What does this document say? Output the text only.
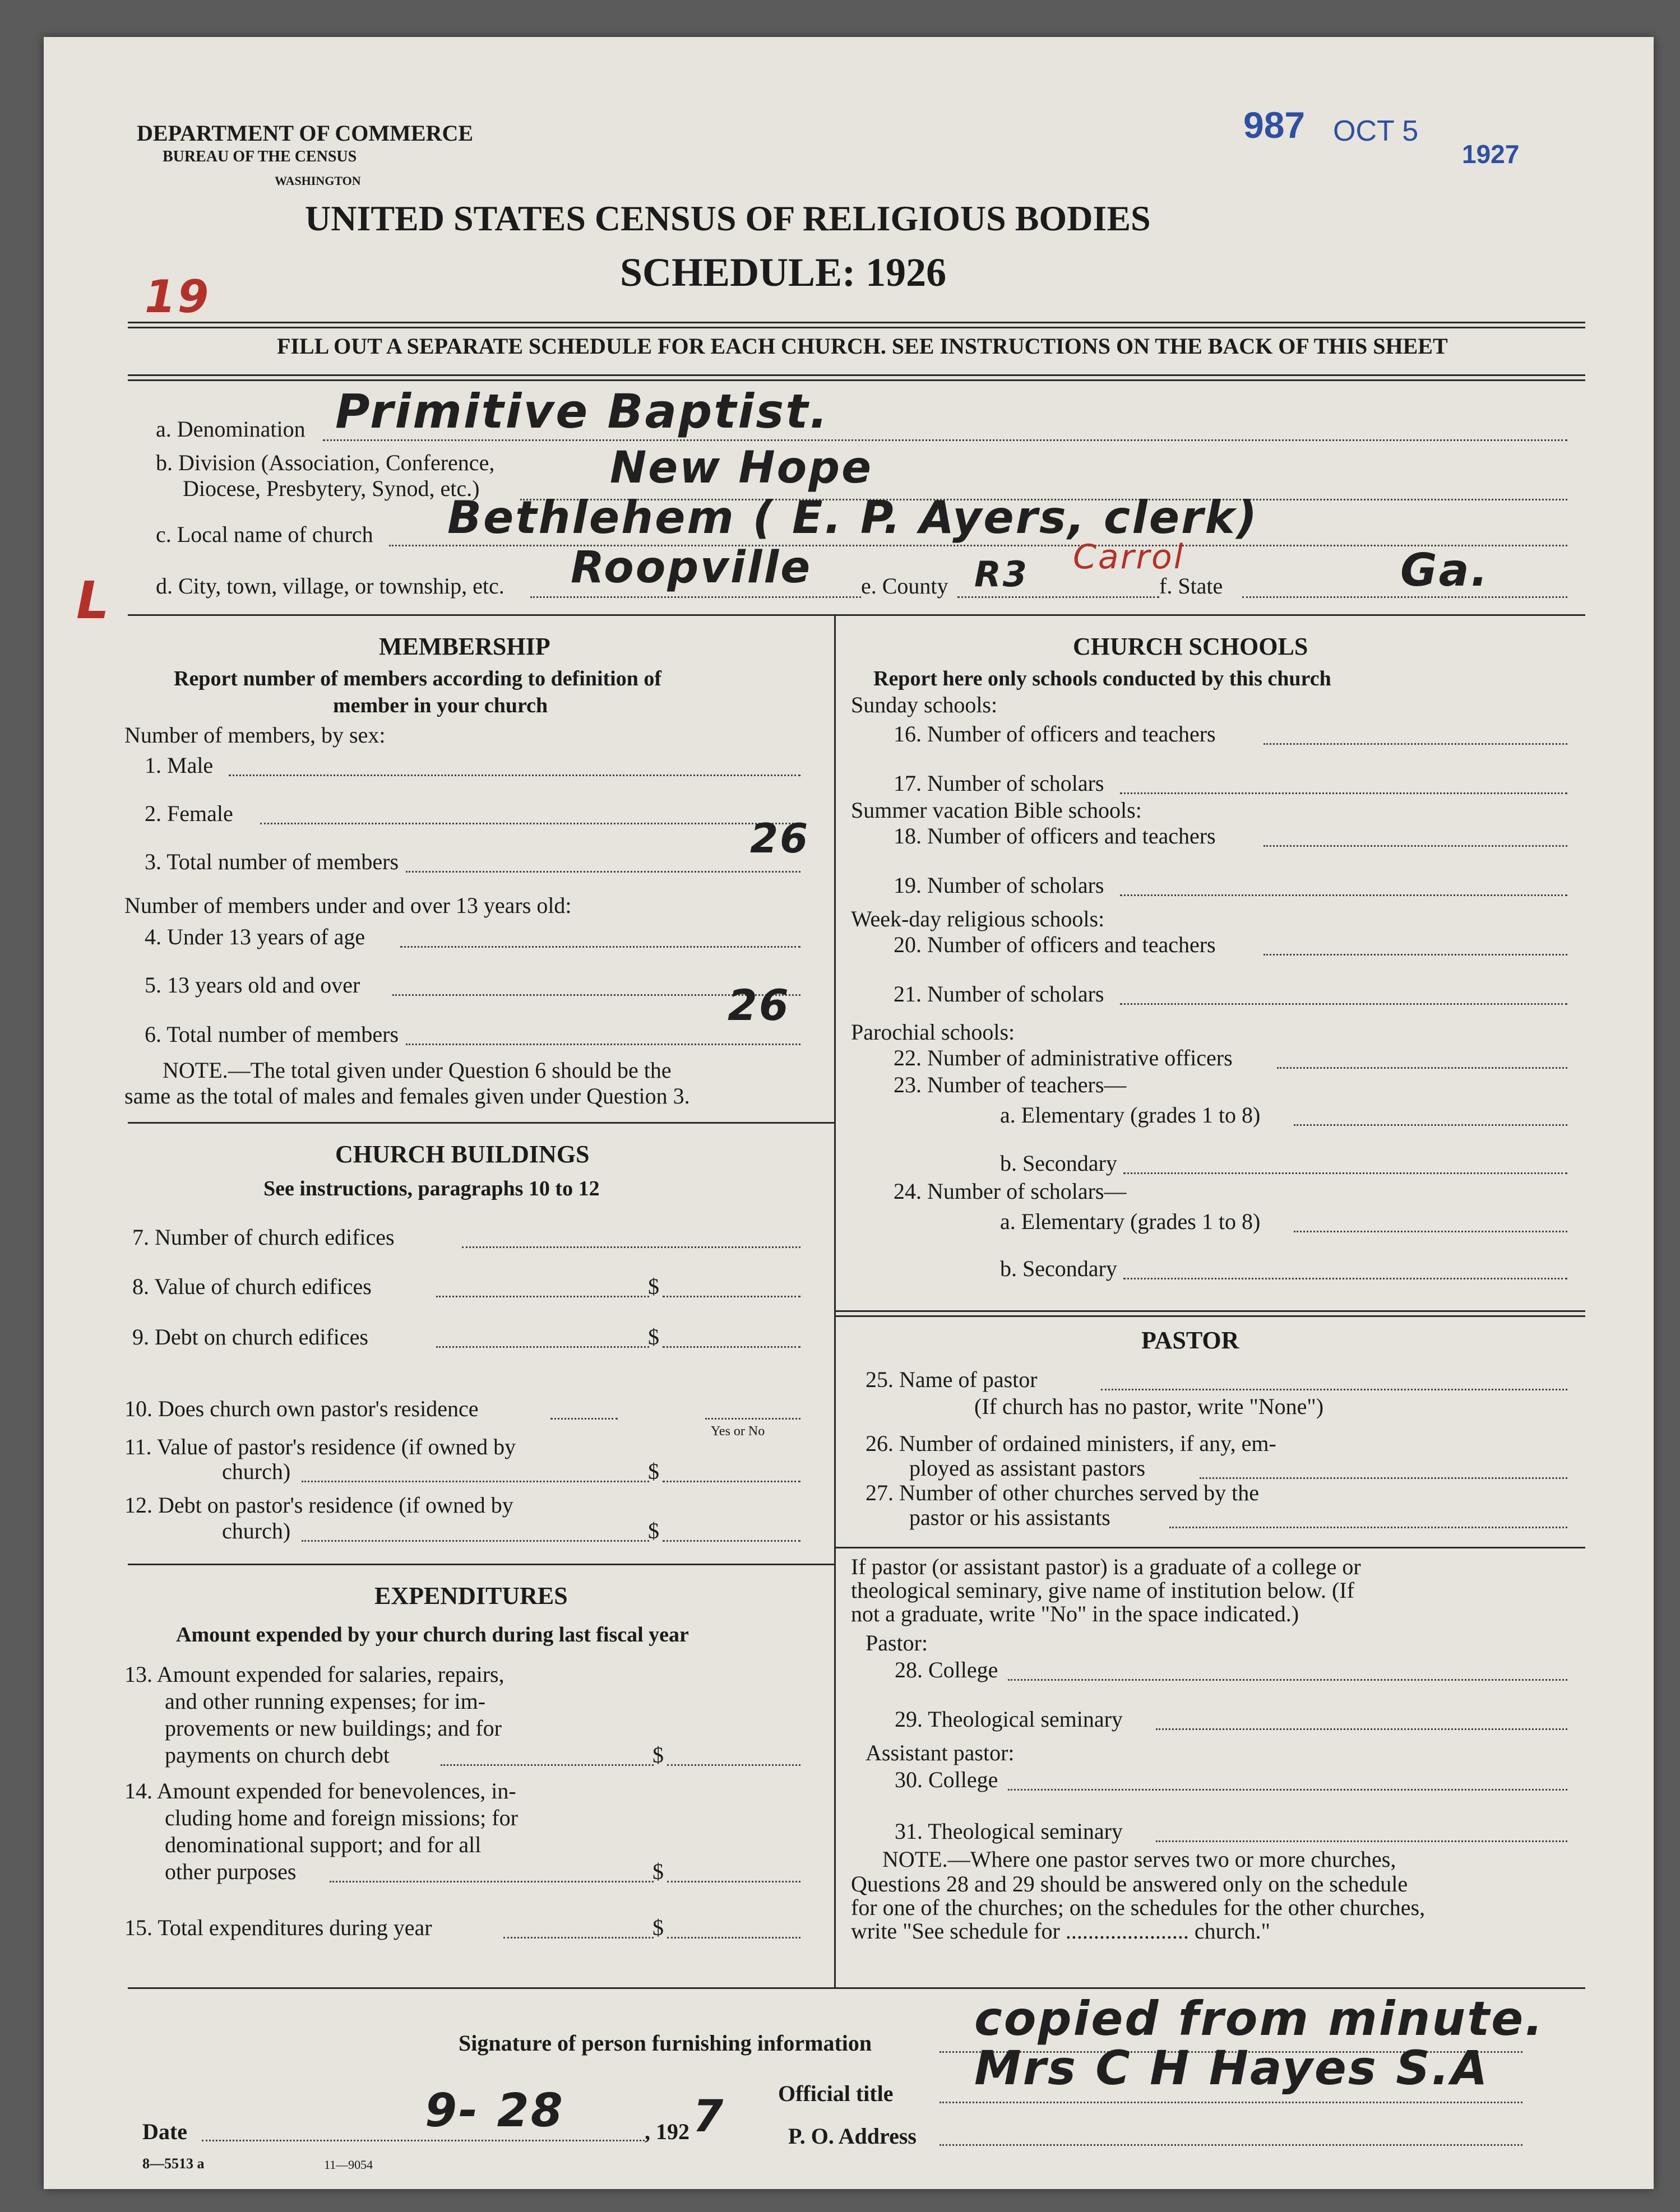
DEPARTMENT OF COMMERCE
BUREAU OF THE CENSUS
WASHINGTON
987 OCT 5
1927
UNITED STATES CENSUS OF RELIGIOUS BODIES
SCHEDULE: 1926
19
FILL OUT A SEPARATE SCHEDULE FOR EACH CHURCH. SEE INSTRUCTIONS ON THE BACK OF THIS SHEET
a. Denomination Primitive Baptist.
b. Division (Association, Conference,
Diocese, Presbytery, Synod, etc.)	New Hope
c. Local name of church Bethlehem ( E. P. Ayers, clerk)
L d. City, town, village, or township, etc. Roopville e. County R3 Carrol
f. State	Ga.
MEMBERSHIP
Report number of members according to definition of
member in your church
Number of members, by sex:
1. Male
2. Female
3. Total number of members	26
Number of members under and over 13 years old:
4. Under 13 years of age
5. 13 years old and over
6. Total number of members
26
NOTE.—The total given under Question 6 should be the
same as the total of males and females given under Question 3.
CHURCH BUILDINGS
See instructions, paragraphs 10 to 12
7. Number of church edifices
8. Value of church edifices	$
9. Debt on church edifices	$
10. Does church own pastor's residence
Yes or No
11. Value of pastor's residence (if owned by
church)	$
12. Debt on pastor's residence (if owned by
church)	$
EXPENDITURES
Amount expended by your church during last fiscal year
13. Amount expended for salaries, repairs,
and other running expenses; for im-
provements or new buildings; and for
payments on church debt	$
14. Amount expended for benevolences, in-
cluding home and foreign missions; for
denominational support; and for all
other purposes	$
15. Total expenditures during year	$
CHURCH SCHOOLS
Report here only schools conducted by this church
Sunday schools:
16. Number of officers and teachers
17. Number of scholars
Summer vacation Bible schools:
18. Number of officers and teachers
19. Number of scholars
Week-day religious schools:
20. Number of officers and teachers
21. Number of scholars
Parochial schools:
22. Number of administrative officers
23. Number of teachers—
a. Elementary (grades 1 to 8)
b. Secondary
24. Number of scholars—
a. Elementary (grades 1 to 8)
b. Secondary
PASTOR
25. Name of pastor
(If church has no pastor, write "None")
26. Number of ordained ministers, if any, em-
ployed as assistant pastors
27. Number of other churches served by the
pastor or his assistants
If pastor (or assistant pastor) is a graduate of a college or
theological seminary, give name of institution below. (If
not a graduate, write "No" in the space indicated.)
Pastor:
28. College
29. Theological seminary
Assistant pastor:
30. College
31. Theological seminary
NOTE.—Where one pastor serves two or more churches,
Questions 28 and 29 should be answered only on the schedule
for one of the churches; on the schedules for the other churches,
write "See schedule for ...................... church."
Signature of person furnishing information copied from minute.
Official title Mrs C H Hayes S.A
Date	9- 28	, 192 7	P. O. Address
8—5513 a	11—9054
